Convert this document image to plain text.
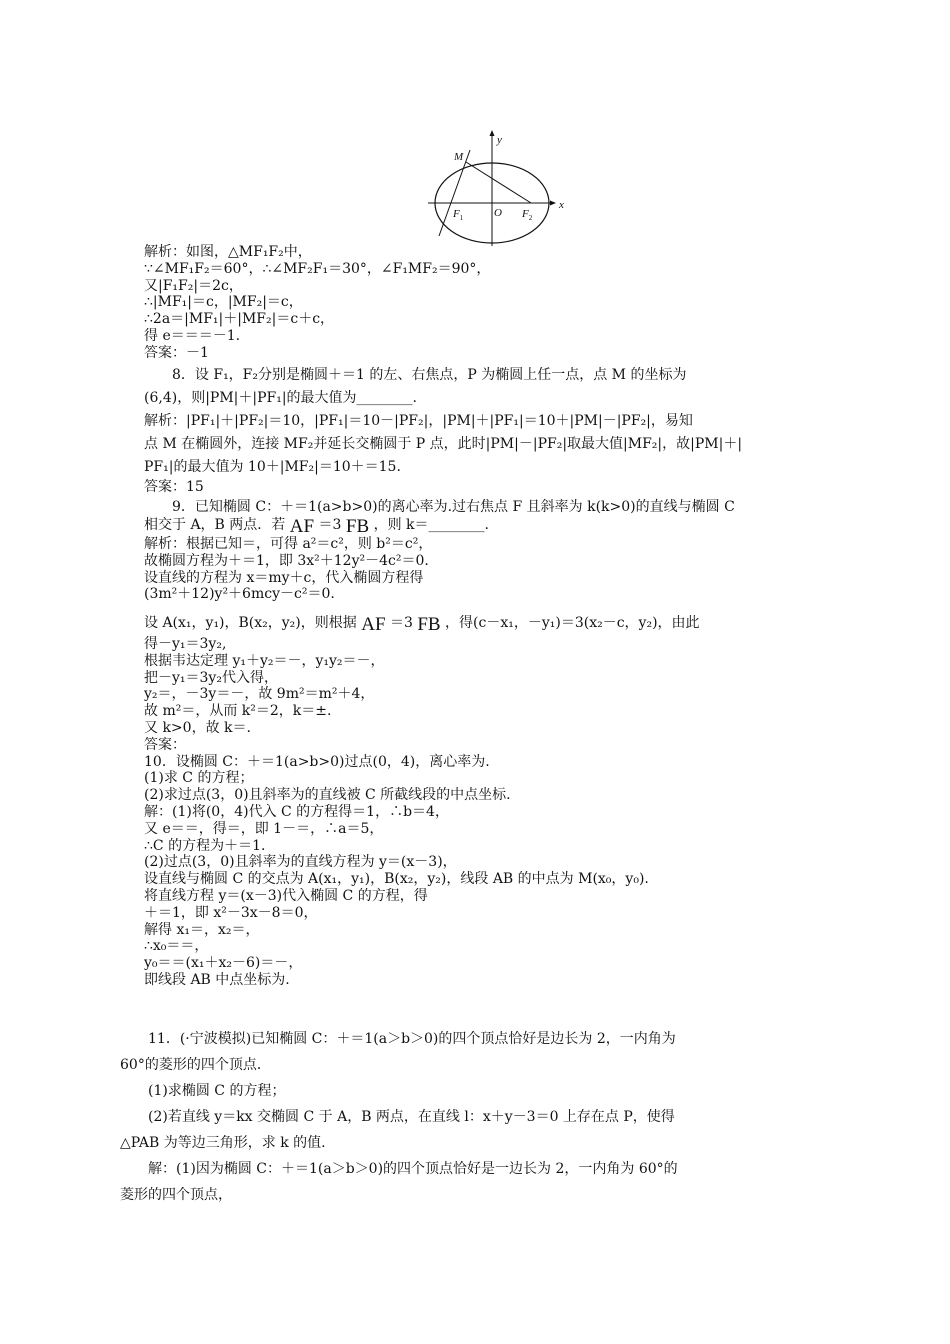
y
x
M
$F_1$	O $F_2$
解析：如图，△MF₁F₂中，
∵∠MF₁F₂＝60°，∴∠MF₂F₁＝30°，∠F₁MF₂＝90°，
又|F₁F₂|＝2c，
∴|MF₁|＝c，|MF₂|＝c，
∴2a＝|MF₁|＋|MF₂|＝c＋c，
得 e＝＝＝－1.
答案：－1
8．设 F₁，F₂分别是椭圆＋＝1 的左、右焦点，P 为椭圆上任一点，点 M 的坐标为
(6,4)，则|PM|＋|PF₁|的最大值为________.
解析：|PF₁|＋|PF₂|＝10，|PF₁|＝10－|PF₂|，|PM|＋|PF₁|＝10＋|PM|－|PF₂|，易知
点 M 在椭圆外，连接 MF₂并延长交椭圆于 P 点，此时|PM|－|PF₂|取最大值|MF₂|，故|PM|＋|
PF₁|的最大值为 10＋|MF₂|＝10＋＝15.
答案：15
9．已知椭圆 C：＋＝1(a>b>0)的离心率为.过右焦点 F 且斜率为 k(k>0)的直线与椭圆 C
相交于 A，B 两点．若 AF ＝3 FB ，则 k＝________.
解析：根据已知＝，可得 a²＝c²，则 b²＝c²，
故椭圆方程为＋＝1，即 3x²＋12y²－4c²＝0.
设直线的方程为 x＝my＋c，代入椭圆方程得
(3m²＋12)y²＋6mcy－c²＝0.
设 A(x₁，y₁)，B(x₂，y₂)，则根据 AF ＝3 FB ，得(c－x₁，－y₁)＝3(x₂－c，y₂)，由此
得－y₁＝3y₂,
根据韦达定理 y₁＋y₂＝－，y₁y₂＝－，
把－y₁＝3y₂代入得，
y₂＝，－3y＝－，故 9m²＝m²＋4，
故 m²＝，从而 k²＝2，k＝±.
又 k>0，故 k＝.
答案：
10．设椭圆 C：＋＝1(a>b>0)过点(0，4)，离心率为.
(1)求 C 的方程；
(2)求过点(3，0)且斜率为的直线被 C 所截线段的中点坐标.
解：(1)将(0，4)代入 C 的方程得＝1，∴b＝4，
又 e＝＝，得＝，即 1－＝，∴a＝5，
∴C 的方程为＋＝1.
(2)过点(3，0)且斜率为的直线方程为 y＝(x－3)，
设直线与椭圆 C 的交点为 A(x₁，y₁)，B(x₂，y₂)，线段 AB 的中点为 M(x₀，y₀).
将直线方程 y＝(x－3)代入椭圆 C 的方程，得
＋＝1，即 x²－3x－8＝0，
解得 x₁＝，x₂＝，
∴x₀＝＝，
y₀＝＝(x₁＋x₂－6)＝－，
即线段 AB 中点坐标为.
11．(·宁波模拟)已知椭圆 C：＋＝1(a＞b＞0)的四个顶点恰好是边长为 2，一内角为
60°的菱形的四个顶点．
(1)求椭圆 C 的方程；
(2)若直线 y＝kx 交椭圆 C 于 A，B 两点，在直线 l：x＋y－3＝0 上存在点 P，使得
△PAB 为等边三角形，求 k 的值.
解：(1)因为椭圆 C：＋＝1(a＞b＞0)的四个顶点恰好是一边长为 2，一内角为 60°的
菱形的四个顶点，
